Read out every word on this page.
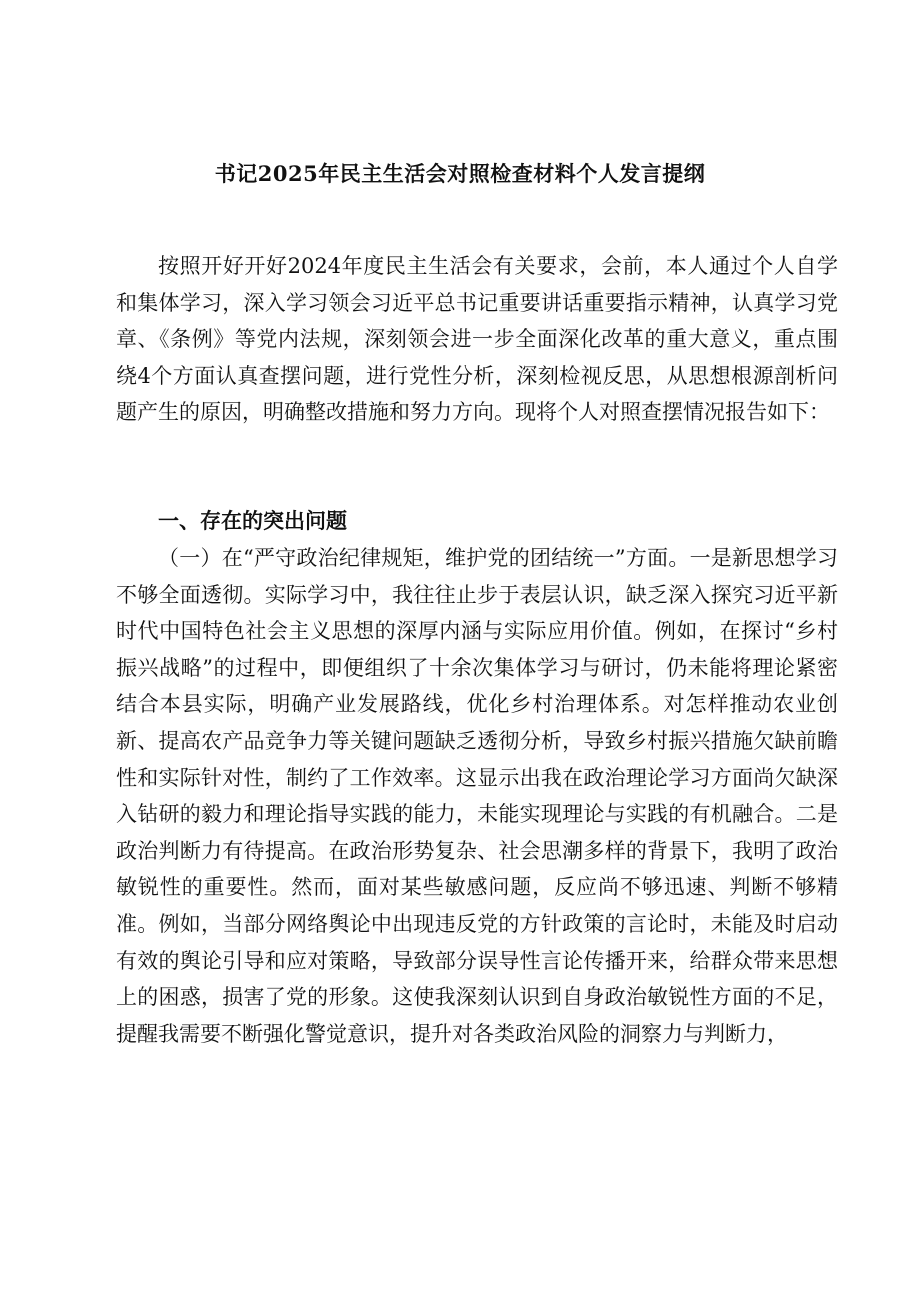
书记2025年民主生活会对照检查材料个人发言提纲

按照开好开好2024年度民主生活会有关要求，会前，本人通过个人自学和集体学习，深入学习领会习近平总书记重要讲话重要指示精神，认真学习党章、《条例》等党内法规，深刻领会进一步全面深化改革的重大意义，重点围绕4个方面认真查摆问题，进行党性分析，深刻检视反思，从思想根源剖析问题产生的原因，明确整改措施和努力方向。现将个人对照查摆情况报告如下：

一、存在的突出问题

（一）在“严守政治纪律规矩，维护党的团结统一”方面。一是新思想学习不够全面透彻。实际学习中，我往往止步于表层认识，缺乏深入探究习近平新时代中国特色社会主义思想的深厚内涵与实际应用价值。例如，在探讨“乡村振兴战略”的过程中，即便组织了十余次集体学习与研讨，仍未能将理论紧密结合本县实际，明确产业发展路线，优化乡村治理体系。对怎样推动农业创新、提高农产品竞争力等关键问题缺乏透彻分析，导致乡村振兴措施欠缺前瞻性和实际针对性，制约了工作效率。这显示出我在政治理论学习方面尚欠缺深入钻研的毅力和理论指导实践的能力，未能实现理论与实践的有机融合。二是政治判断力有待提高。在政治形势复杂、社会思潮多样的背景下，我明了政治敏锐性的重要性。然而，面对某些敏感问题，反应尚不够迅速、判断不够精准。例如，当部分网络舆论中出现违反党的方针政策的言论时，未能及时启动有效的舆论引导和应对策略，导致部分误导性言论传播开来，给群众带来思想上的困惑，损害了党的形象。这使我深刻认识到自身政治敏锐性方面的不足，提醒我需要不断强化警觉意识，提升对各类政治风险的洞察力与判断力，
